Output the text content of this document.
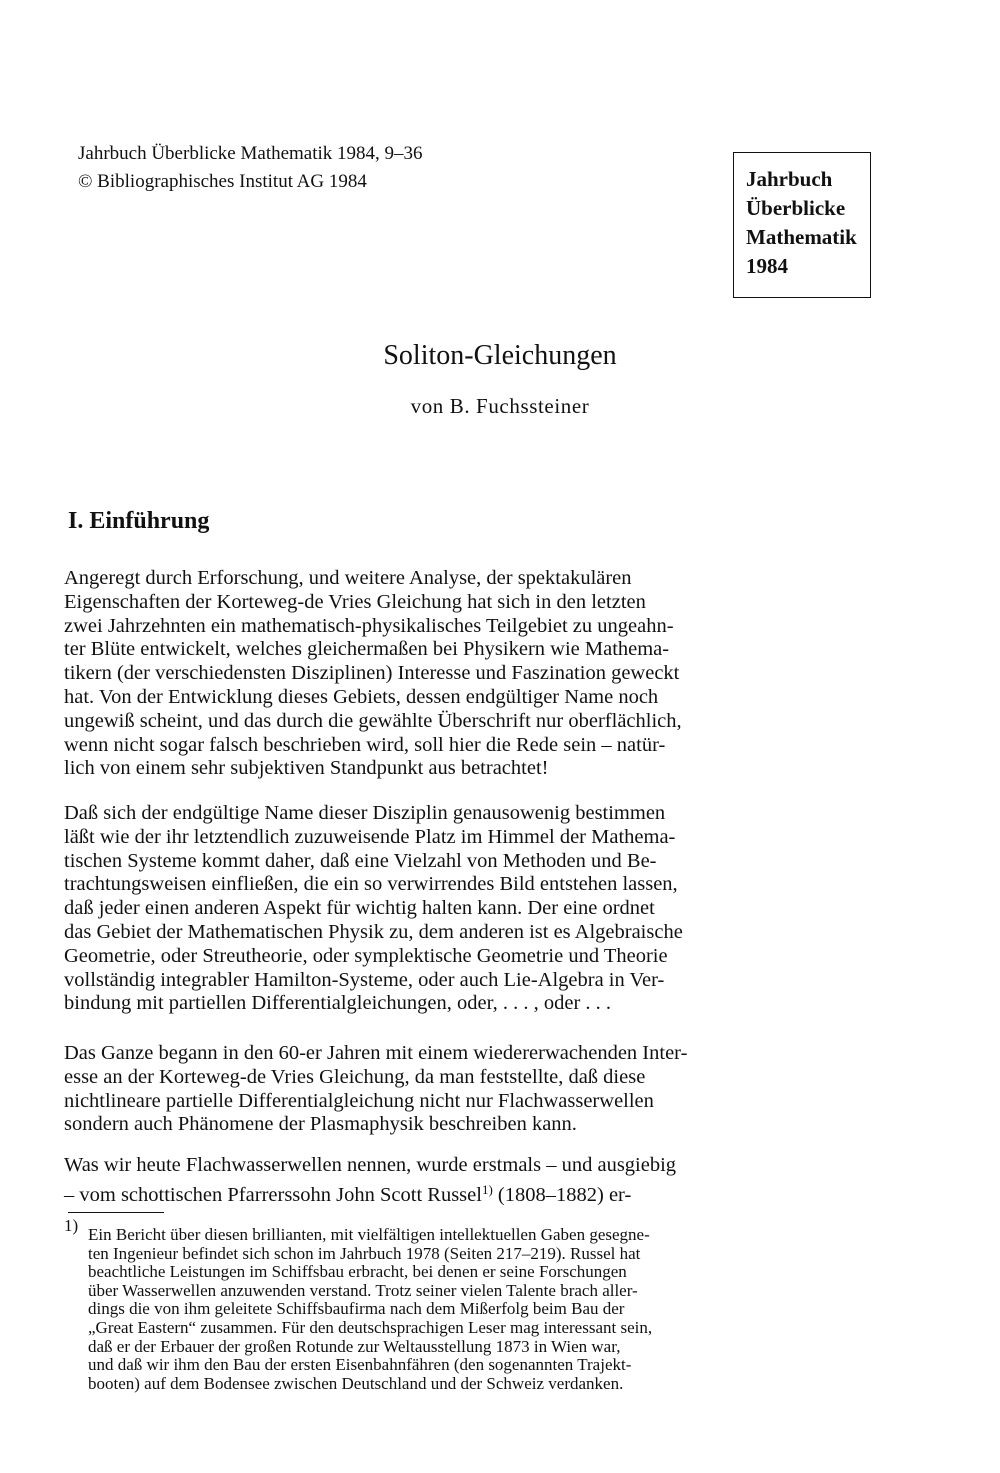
Jahrbuch Überblicke Mathematik 1984, 9–36
© Bibliographisches Institut AG 1984	Jahrbuch
Überblicke
Mathematik
1984
Soliton-Gleichungen
von B. Fuchssteiner
I. Einführung
Angeregt durch Erforschung, und weitere Analyse, der spektakulären
Eigenschaften der Korteweg-de Vries Gleichung hat sich in den letzten
zwei Jahrzehnten ein mathematisch-physikalisches Teilgebiet zu ungeahn-
ter Blüte entwickelt, welches gleichermaßen bei Physikern wie Mathema-
tikern (der verschiedensten Disziplinen) Interesse und Faszination geweckt
hat. Von der Entwicklung dieses Gebiets, dessen endgültiger Name noch
ungewiß scheint, und das durch die gewählte Überschrift nur oberflächlich,
wenn nicht sogar falsch beschrieben wird, soll hier die Rede sein – natür-
lich von einem sehr subjektiven Standpunkt aus betrachtet!
Daß sich der endgültige Name dieser Disziplin genausowenig bestimmen
läßt wie der ihr letztendlich zuzuweisende Platz im Himmel der Mathema-
tischen Systeme kommt daher, daß eine Vielzahl von Methoden und Be-
trachtungsweisen einfließen, die ein so verwirrendes Bild entstehen lassen,
daß jeder einen anderen Aspekt für wichtig halten kann. Der eine ordnet
das Gebiet der Mathematischen Physik zu, dem anderen ist es Algebraische
Geometrie, oder Streutheorie, oder symplektische Geometrie und Theorie
vollständig integrabler Hamilton-Systeme, oder auch Lie-Algebra in Ver-
bindung mit partiellen Differentialgleichungen, oder, . . . , oder . . .
Das Ganze begann in den 60-er Jahren mit einem wiedererwachenden Inter-
esse an der Korteweg-de Vries Gleichung, da man feststellte, daß diese
nichtlineare partielle Differentialgleichung nicht nur Flachwasserwellen
sondern auch Phänomene der Plasmaphysik beschreiben kann.
Was wir heute Flachwasserwellen nennen, wurde erstmals – und ausgiebig
– vom schottischen Pfarrerssohn John Scott Russel$^{1)}$ (1808–1882) er-
1) Ein Bericht über diesen brillianten, mit vielfältigen intellektuellen Gaben gesegne-
ten Ingenieur befindet sich schon im Jahrbuch 1978 (Seiten 217–219). Russel hat
beachtliche Leistungen im Schiffsbau erbracht, bei denen er seine Forschungen
über Wasserwellen anzuwenden verstand. Trotz seiner vielen Talente brach aller-
dings die von ihm geleitete Schiffsbaufirma nach dem Mißerfolg beim Bau der
„Great Eastern“ zusammen. Für den deutschsprachigen Leser mag interessant sein,
daß er der Erbauer der großen Rotunde zur Weltausstellung 1873 in Wien war,
und daß wir ihm den Bau der ersten Eisenbahnfähren (den sogenannten Trajekt-
booten) auf dem Bodensee zwischen Deutschland und der Schweiz verdanken.
